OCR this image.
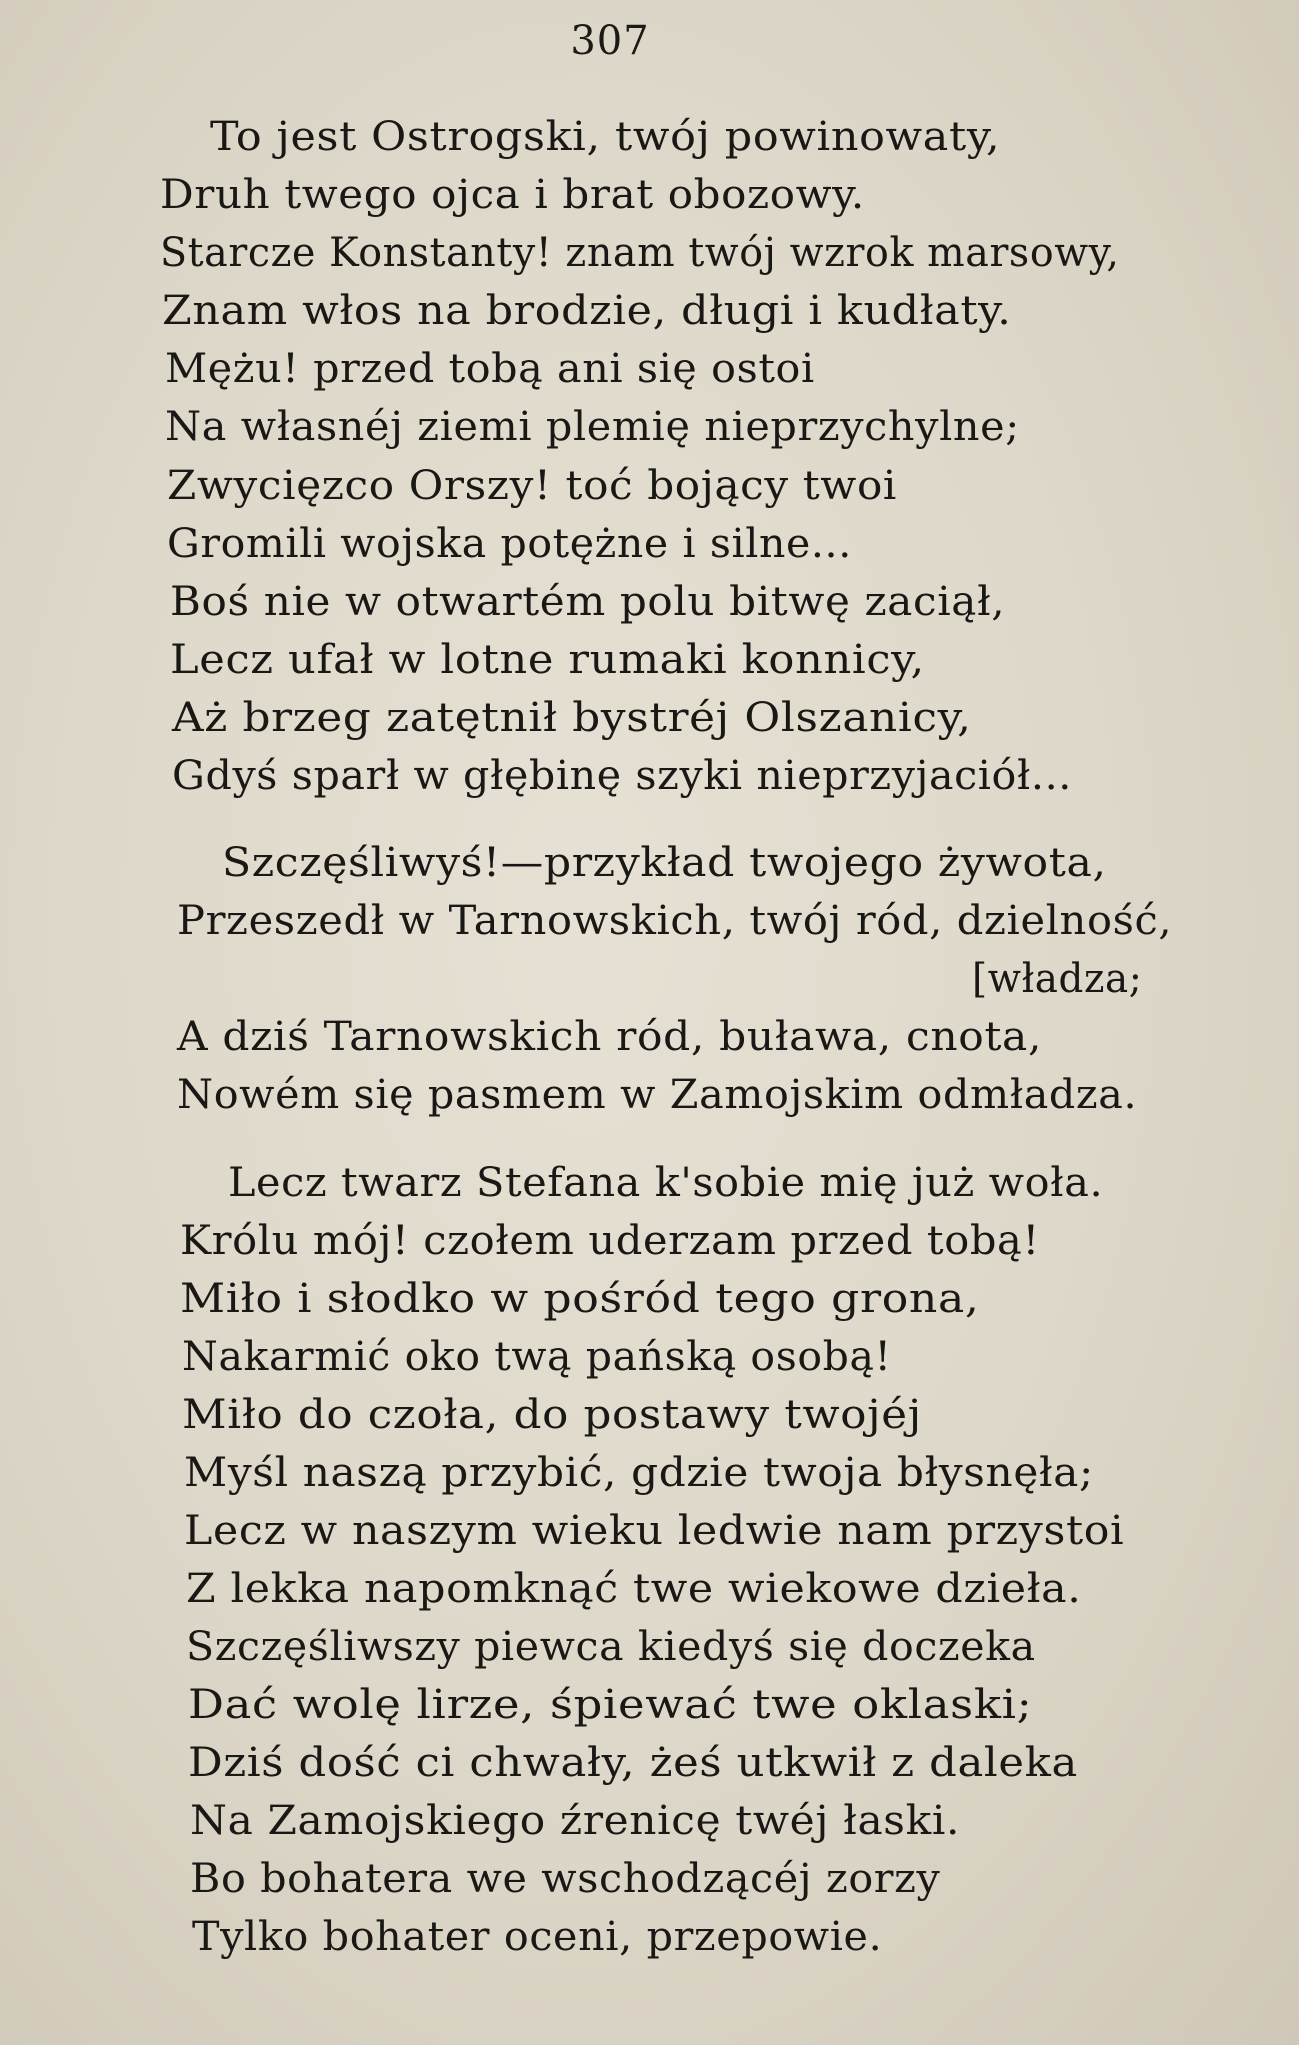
307
To jest Ostrogski, twój powinowaty,
Druh twego ojca i brat obozowy.
Starcze Konstanty! znam twój wzrok marsowy,
Znam włos na brodzie, długi i kudłaty.
Mężu! przed tobą ani się ostoi
Na własnéj ziemi plemię nieprzychylne;
Zwycięzco Orszy! toć bojący twoi
Gromili wojska potężne i silne...
Boś nie w otwartém polu bitwę zaciął,
Lecz ufał w lotne rumaki konnicy,
Aż brzeg zatętnił bystréj Olszanicy,
Gdyś sparł w głębinę szyki nieprzyjaciół...
Szczęśliwyś!—przykład twojego żywota,
Przeszedł w Tarnowskich, twój ród, dzielność,
[władza;
A dziś Tarnowskich ród, buława, cnota,
Nowém się pasmem w Zamojskim odmładza.
Lecz twarz Stefana k'sobie mię już woła.
Królu mój! czołem uderzam przed tobą!
Miło i słodko w pośród tego grona,
Nakarmić oko twą pańską osobą!
Miło do czoła, do postawy twojéj
Myśl naszą przybić, gdzie twoja błysnęła;
Lecz w naszym wieku ledwie nam przystoi
Z lekka napomknąć twe wiekowe dzieła.
Szczęśliwszy piewca kiedyś się doczeka
Dać wolę lirze, śpiewać twe oklaski;
Dziś dość ci chwały, żeś utkwił z daleka
Na Zamojskiego źrenicę twéj łaski.
Bo bohatera we wschodzącéj zorzy
Tylko bohater oceni, przepowie.
